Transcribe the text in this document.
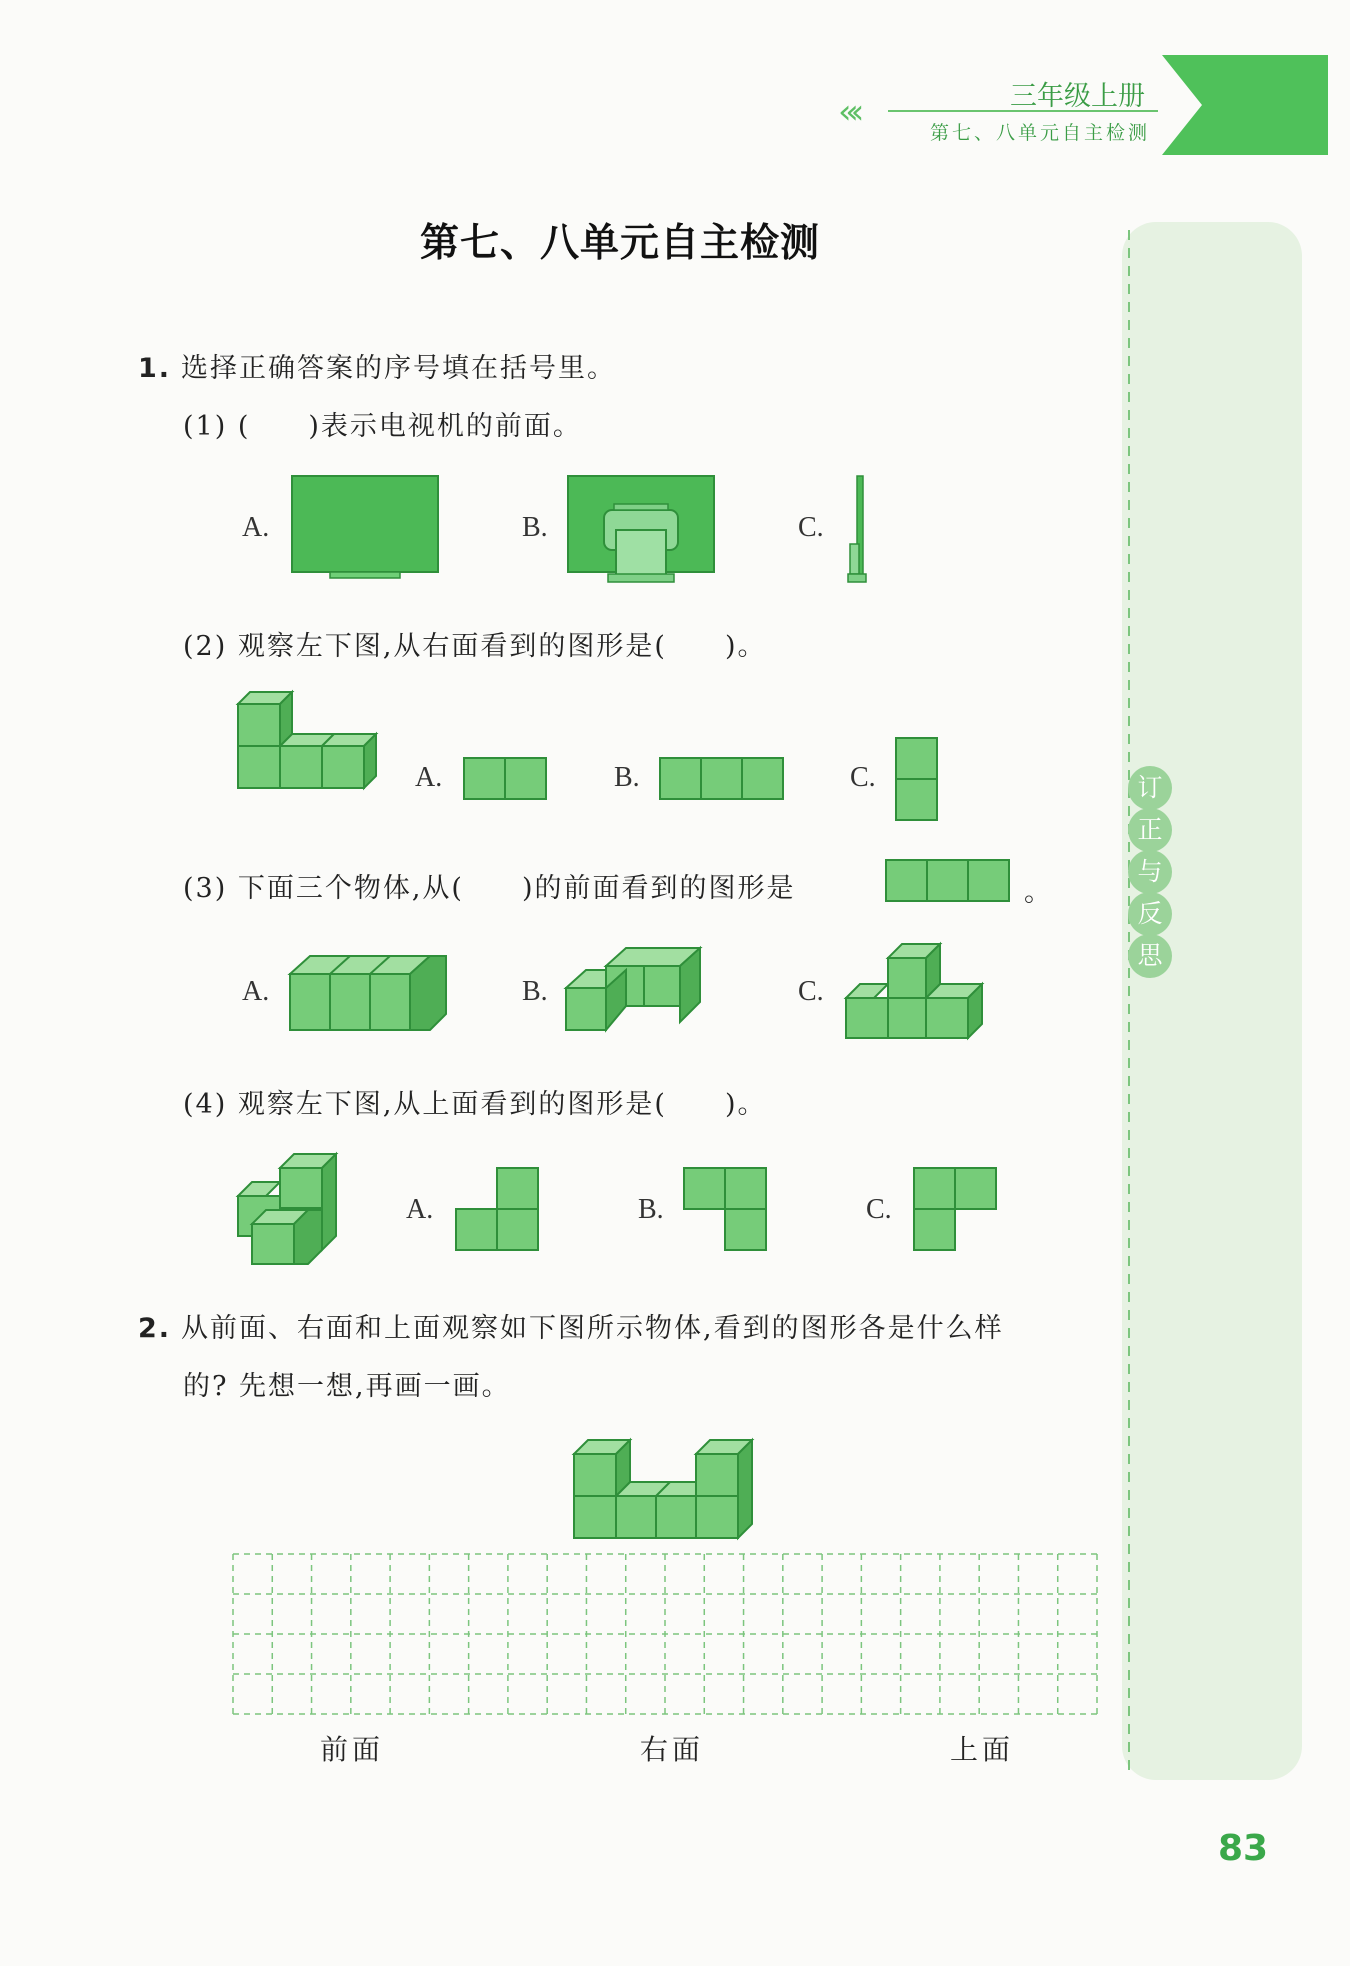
«‹	三年级上册
第七、八单元自主检测
订
正
与
反
思
第七、八单元自主检测
1. 选择正确答案的序号填在括号里。
(1) (　　)表示电视机的前面。
A.	B.	C.
(2) 观察左下图,从右面看到的图形是(　　)。
A.	B.	C.
(3) 下面三个物体,从(　　)的前面看到的图形是	。
A.	B.	C.
(4) 观察左下图,从上面看到的图形是(　　)。
A.	B.	C.
2. 从前面、右面和上面观察如下图所示物体,看到的图形各是什么样
的? 先想一想,再画一画。
前面	右面	上面
83
